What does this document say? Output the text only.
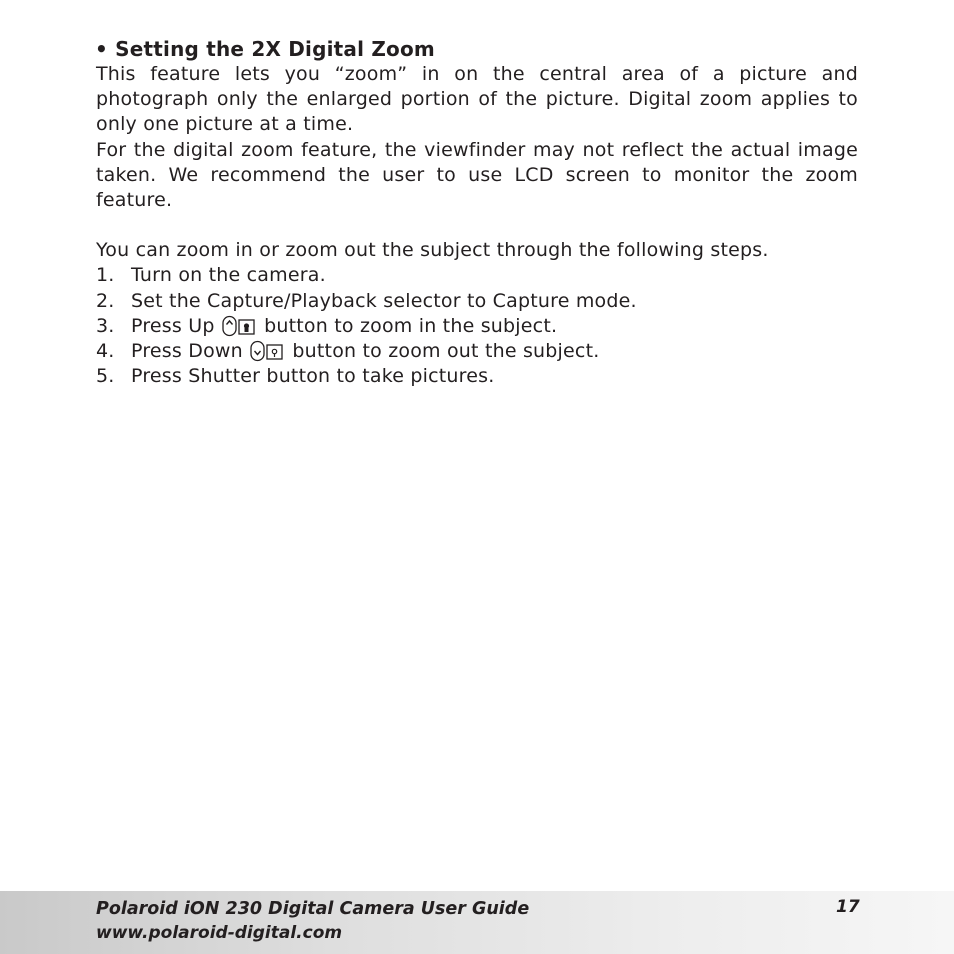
• Setting the 2X Digital Zoom

This feature lets you “zoom” in on the central area of a picture and photograph only the enlarged portion of the picture. Digital zoom applies to only one picture at a time.

For the digital zoom feature, the viewfinder may not reflect the actual image taken. We recommend the user to use LCD screen to monitor the zoom feature.

You can zoom in or zoom out the subject through the following steps.

1. Turn on the camera.
2. Set the Capture/Playback selector to Capture mode.
3. Press Up	button to zoom in the subject.
4. Press Down	button to zoom out the subject.
5. Press Shutter button to take pictures.
Polaroid iON 230 Digital Camera User Guide
www.polaroid-digital.com
17
